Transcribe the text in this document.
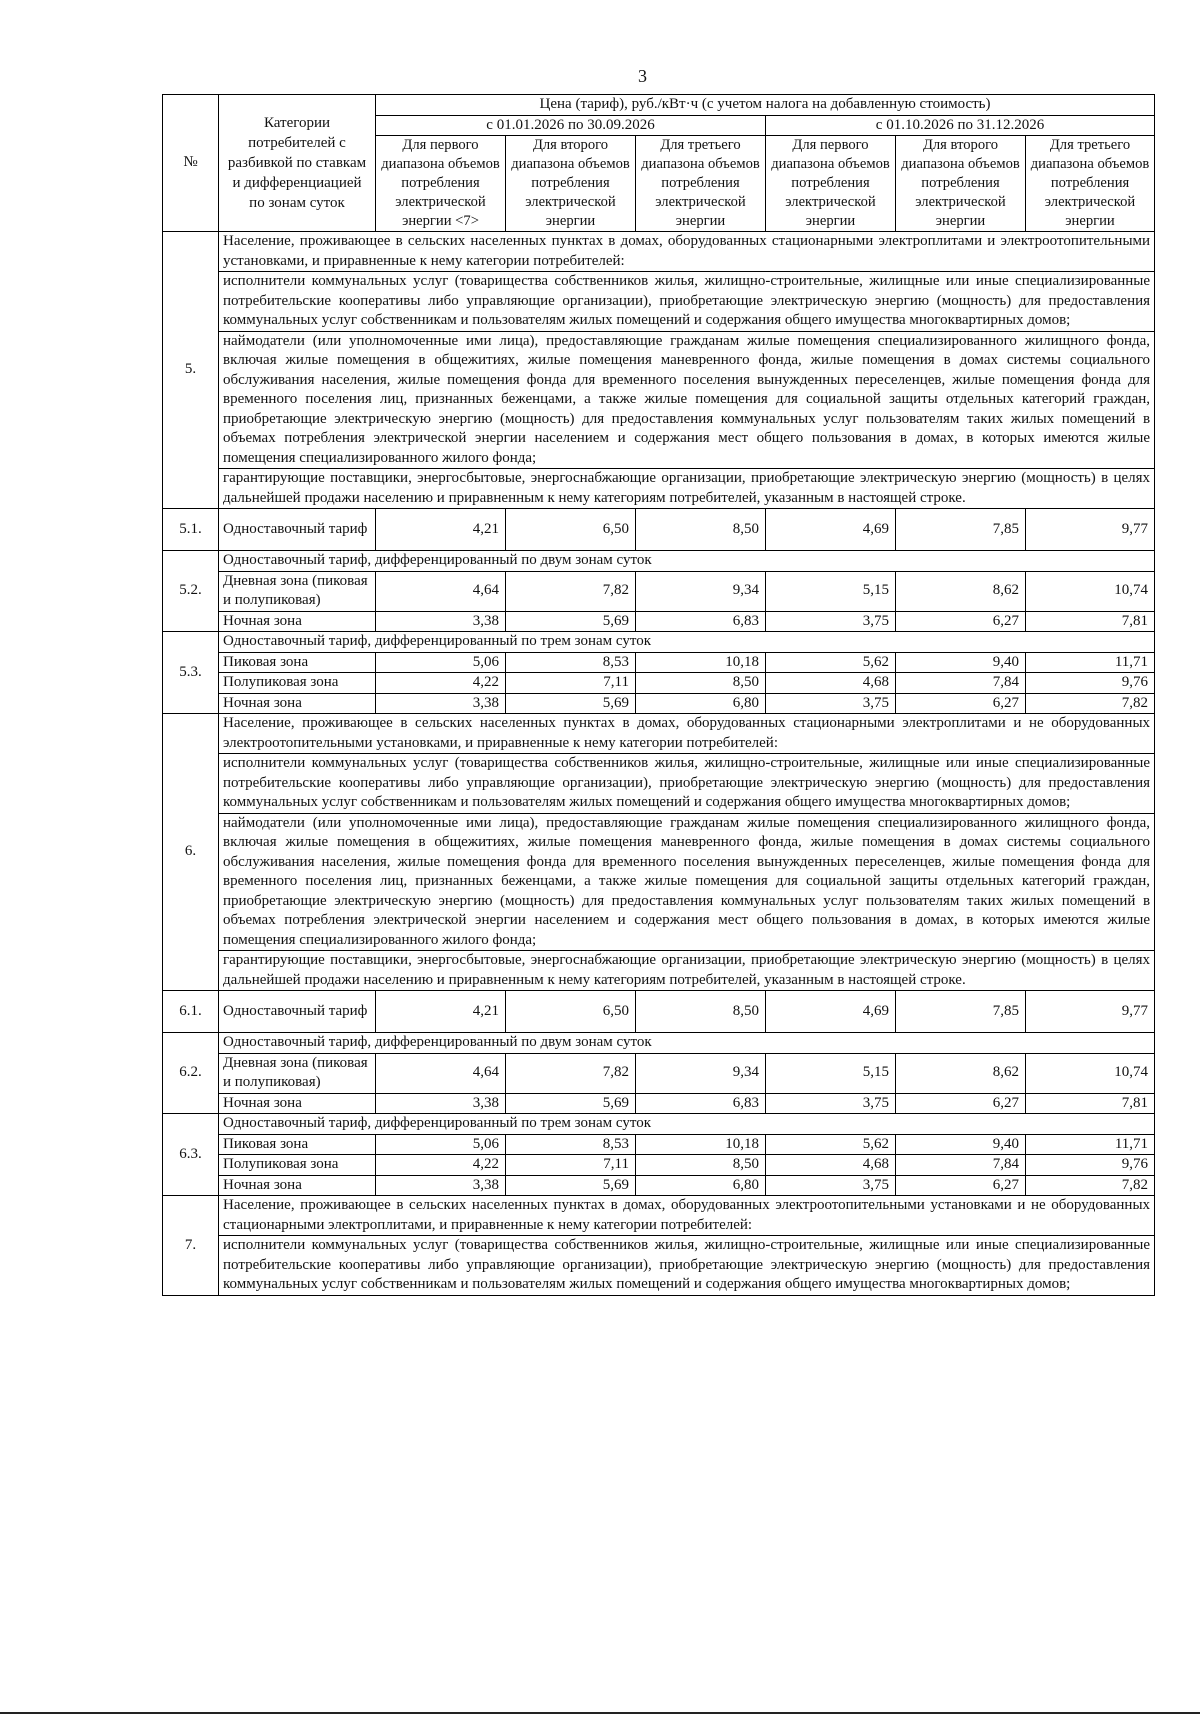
3
№	Категории потребителей с разбивкой по ставкам и дифференциацией по зонам суток	Цена (тариф), руб./кВт·ч (с учетом налога на добавленную стоимость)					
		с 01.01.2026 по 30.09.2026			с 01.10.2026 по 31.12.2026		
		Для первого диапазона объемов потребления электрической энергии <7>	Для второго диапазона объемов потребления электрической энергии	Для третьего диапазона объемов потребления электрической энергии	Для первого диапазона объемов потребления электрической энергии	Для второго диапазона объемов потребления электрической энергии	Для третьего диапазона объемов потребления электрической энергии
5.	Население, проживающее в сельских населенных пунктах в домах, оборудованных стационарными электроплитами и электроотопительными установками, и приравненные к нему категории потребителей:						
	исполнители коммунальных услуг (товарищества собственников жилья, жилищно-строительные, жилищные или иные специализированные потребительские кооперативы либо управляющие организации), приобретающие электрическую энергию (мощность) для предоставления коммунальных услуг собственникам и пользователям жилых помещений и содержания общего имущества многоквартирных домов;						
	наймодатели (или уполномоченные ими лица), предоставляющие гражданам жилые помещения специализированного жилищного фонда, включая жилые помещения в общежитиях, жилые помещения маневренного фонда, жилые помещения в домах системы социального обслуживания населения, жилые помещения фонда для временного поселения вынужденных переселенцев, жилые помещения фонда для временного поселения лиц, признанных беженцами, а также жилые помещения для социальной защиты отдельных категорий граждан, приобретающие электрическую энергию (мощность) для предоставления коммунальных услуг пользователям таких жилых помещений в объемах потребления электрической энергии населением и содержания мест общего пользования в домах, в которых имеются жилые помещения специализированного жилого фонда;						
	гарантирующие поставщики, энергосбытовые, энергоснабжающие организации, приобретающие электрическую энергию (мощность) в целях дальнейшей продажи населению и приравненным к нему категориям потребителей, указанным в настоящей строке.						
5.1.	Одноставочный тариф	4,21	6,50	8,50	4,69	7,85	9,77
5.2.	Одноставочный тариф, дифференцированный по двум зонам суток						
	Дневная зона (пиковая и полупиковая)	4,64	7,82	9,34	5,15	8,62	10,74
	Ночная зона	3,38	5,69	6,83	3,75	6,27	7,81
5.3.	Одноставочный тариф, дифференцированный по трем зонам суток						
	Пиковая зона	5,06	8,53	10,18	5,62	9,40	11,71
	Полупиковая зона	4,22	7,11	8,50	4,68	7,84	9,76
	Ночная зона	3,38	5,69	6,80	3,75	6,27	7,82
6.	Население, проживающее в сельских населенных пунктах в домах, оборудованных стационарными электроплитами и не оборудованных электроотопительными установками, и приравненные к нему категории потребителей:						
	исполнители коммунальных услуг (товарищества собственников жилья, жилищно-строительные, жилищные или иные специализированные потребительские кооперативы либо управляющие организации), приобретающие электрическую энергию (мощность) для предоставления коммунальных услуг собственникам и пользователям жилых помещений и содержания общего имущества многоквартирных домов;						
	наймодатели (или уполномоченные ими лица), предоставляющие гражданам жилые помещения специализированного жилищного фонда, включая жилые помещения в общежитиях, жилые помещения маневренного фонда, жилые помещения в домах системы социального обслуживания населения, жилые помещения фонда для временного поселения вынужденных переселенцев, жилые помещения фонда для временного поселения лиц, признанных беженцами, а также жилые помещения для социальной защиты отдельных категорий граждан, приобретающие электрическую энергию (мощность) для предоставления коммунальных услуг пользователям таких жилых помещений в объемах потребления электрической энергии населением и содержания мест общего пользования в домах, в которых имеются жилые помещения специализированного жилого фонда;						
	гарантирующие поставщики, энергосбытовые, энергоснабжающие организации, приобретающие электрическую энергию (мощность) в целях дальнейшей продажи населению и приравненным к нему категориям потребителей, указанным в настоящей строке.						
6.1.	Одноставочный тариф	4,21	6,50	8,50	4,69	7,85	9,77
6.2.	Одноставочный тариф, дифференцированный по двум зонам суток						
	Дневная зона (пиковая и полупиковая)	4,64	7,82	9,34	5,15	8,62	10,74
	Ночная зона	3,38	5,69	6,83	3,75	6,27	7,81
6.3.	Одноставочный тариф, дифференцированный по трем зонам суток						
	Пиковая зона	5,06	8,53	10,18	5,62	9,40	11,71
	Полупиковая зона	4,22	7,11	8,50	4,68	7,84	9,76
	Ночная зона	3,38	5,69	6,80	3,75	6,27	7,82
7.	Население, проживающее в сельских населенных пунктах в домах, оборудованных электроотопительными установками и не оборудованных стационарными электроплитами, и приравненные к нему категории потребителей:						
	исполнители коммунальных услуг (товарищества собственников жилья, жилищно-строительные, жилищные или иные специализированные потребительские кооперативы либо управляющие организации), приобретающие электрическую энергию (мощность) для предоставления коммунальных услуг собственникам и пользователям жилых помещений и содержания общего имущества многоквартирных домов;						
